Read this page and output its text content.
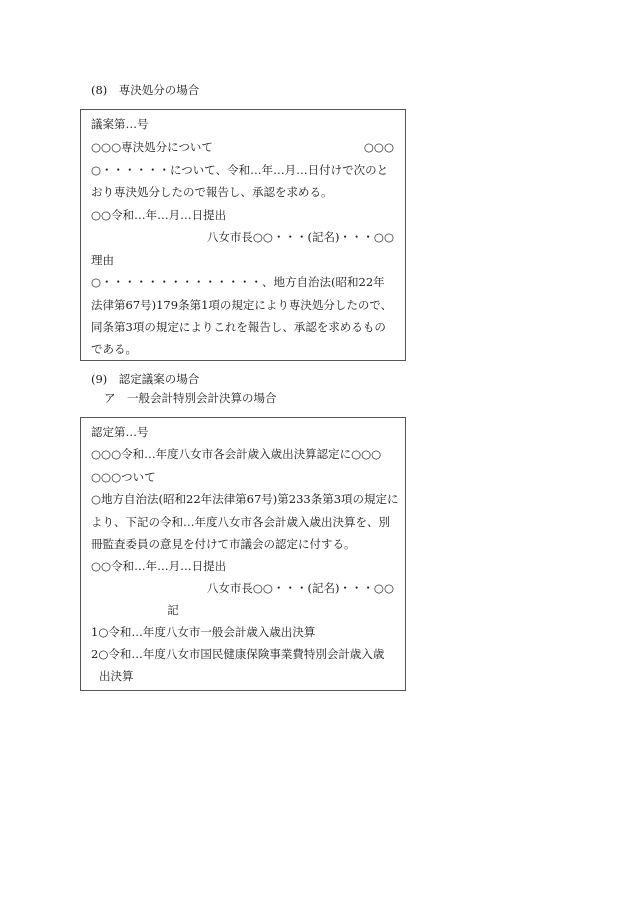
(8)　専決処分の場合
議案第…号
○○○専決処分について	○○○
○・・・・・・について、令和…年…月…日付けで次のと
おり専決処分したので報告し、承認を求める。
○○令和…年…月…日提出
八女市長○○・・・(記名)・・・○○
理由
○・・・・・・・・・・・・・・、地方自治法(昭和22年
法律第67号)179条第1項の規定により専決処分したので、
同条第3項の規定によりこれを報告し、承認を求めるもの
である。
(9)　認定議案の場合
ア　一般会計特別会計決算の場合
認定第…号
○○○令和…年度八女市各会計歳入歳出決算認定に○○○
○○○ついて
○地方自治法(昭和22年法律第67号)第233条第3項の規定に
より、下記の令和…年度八女市各会計歳入歳出決算を、別
冊監査委員の意見を付けて市議会の認定に付する。
○○令和…年…月…日提出
八女市長○○・・・(記名)・・・○○
記
1○令和…年度八女市一般会計歳入歳出決算
2○令和…年度八女市国民健康保険事業費特別会計歳入歳
出決算
